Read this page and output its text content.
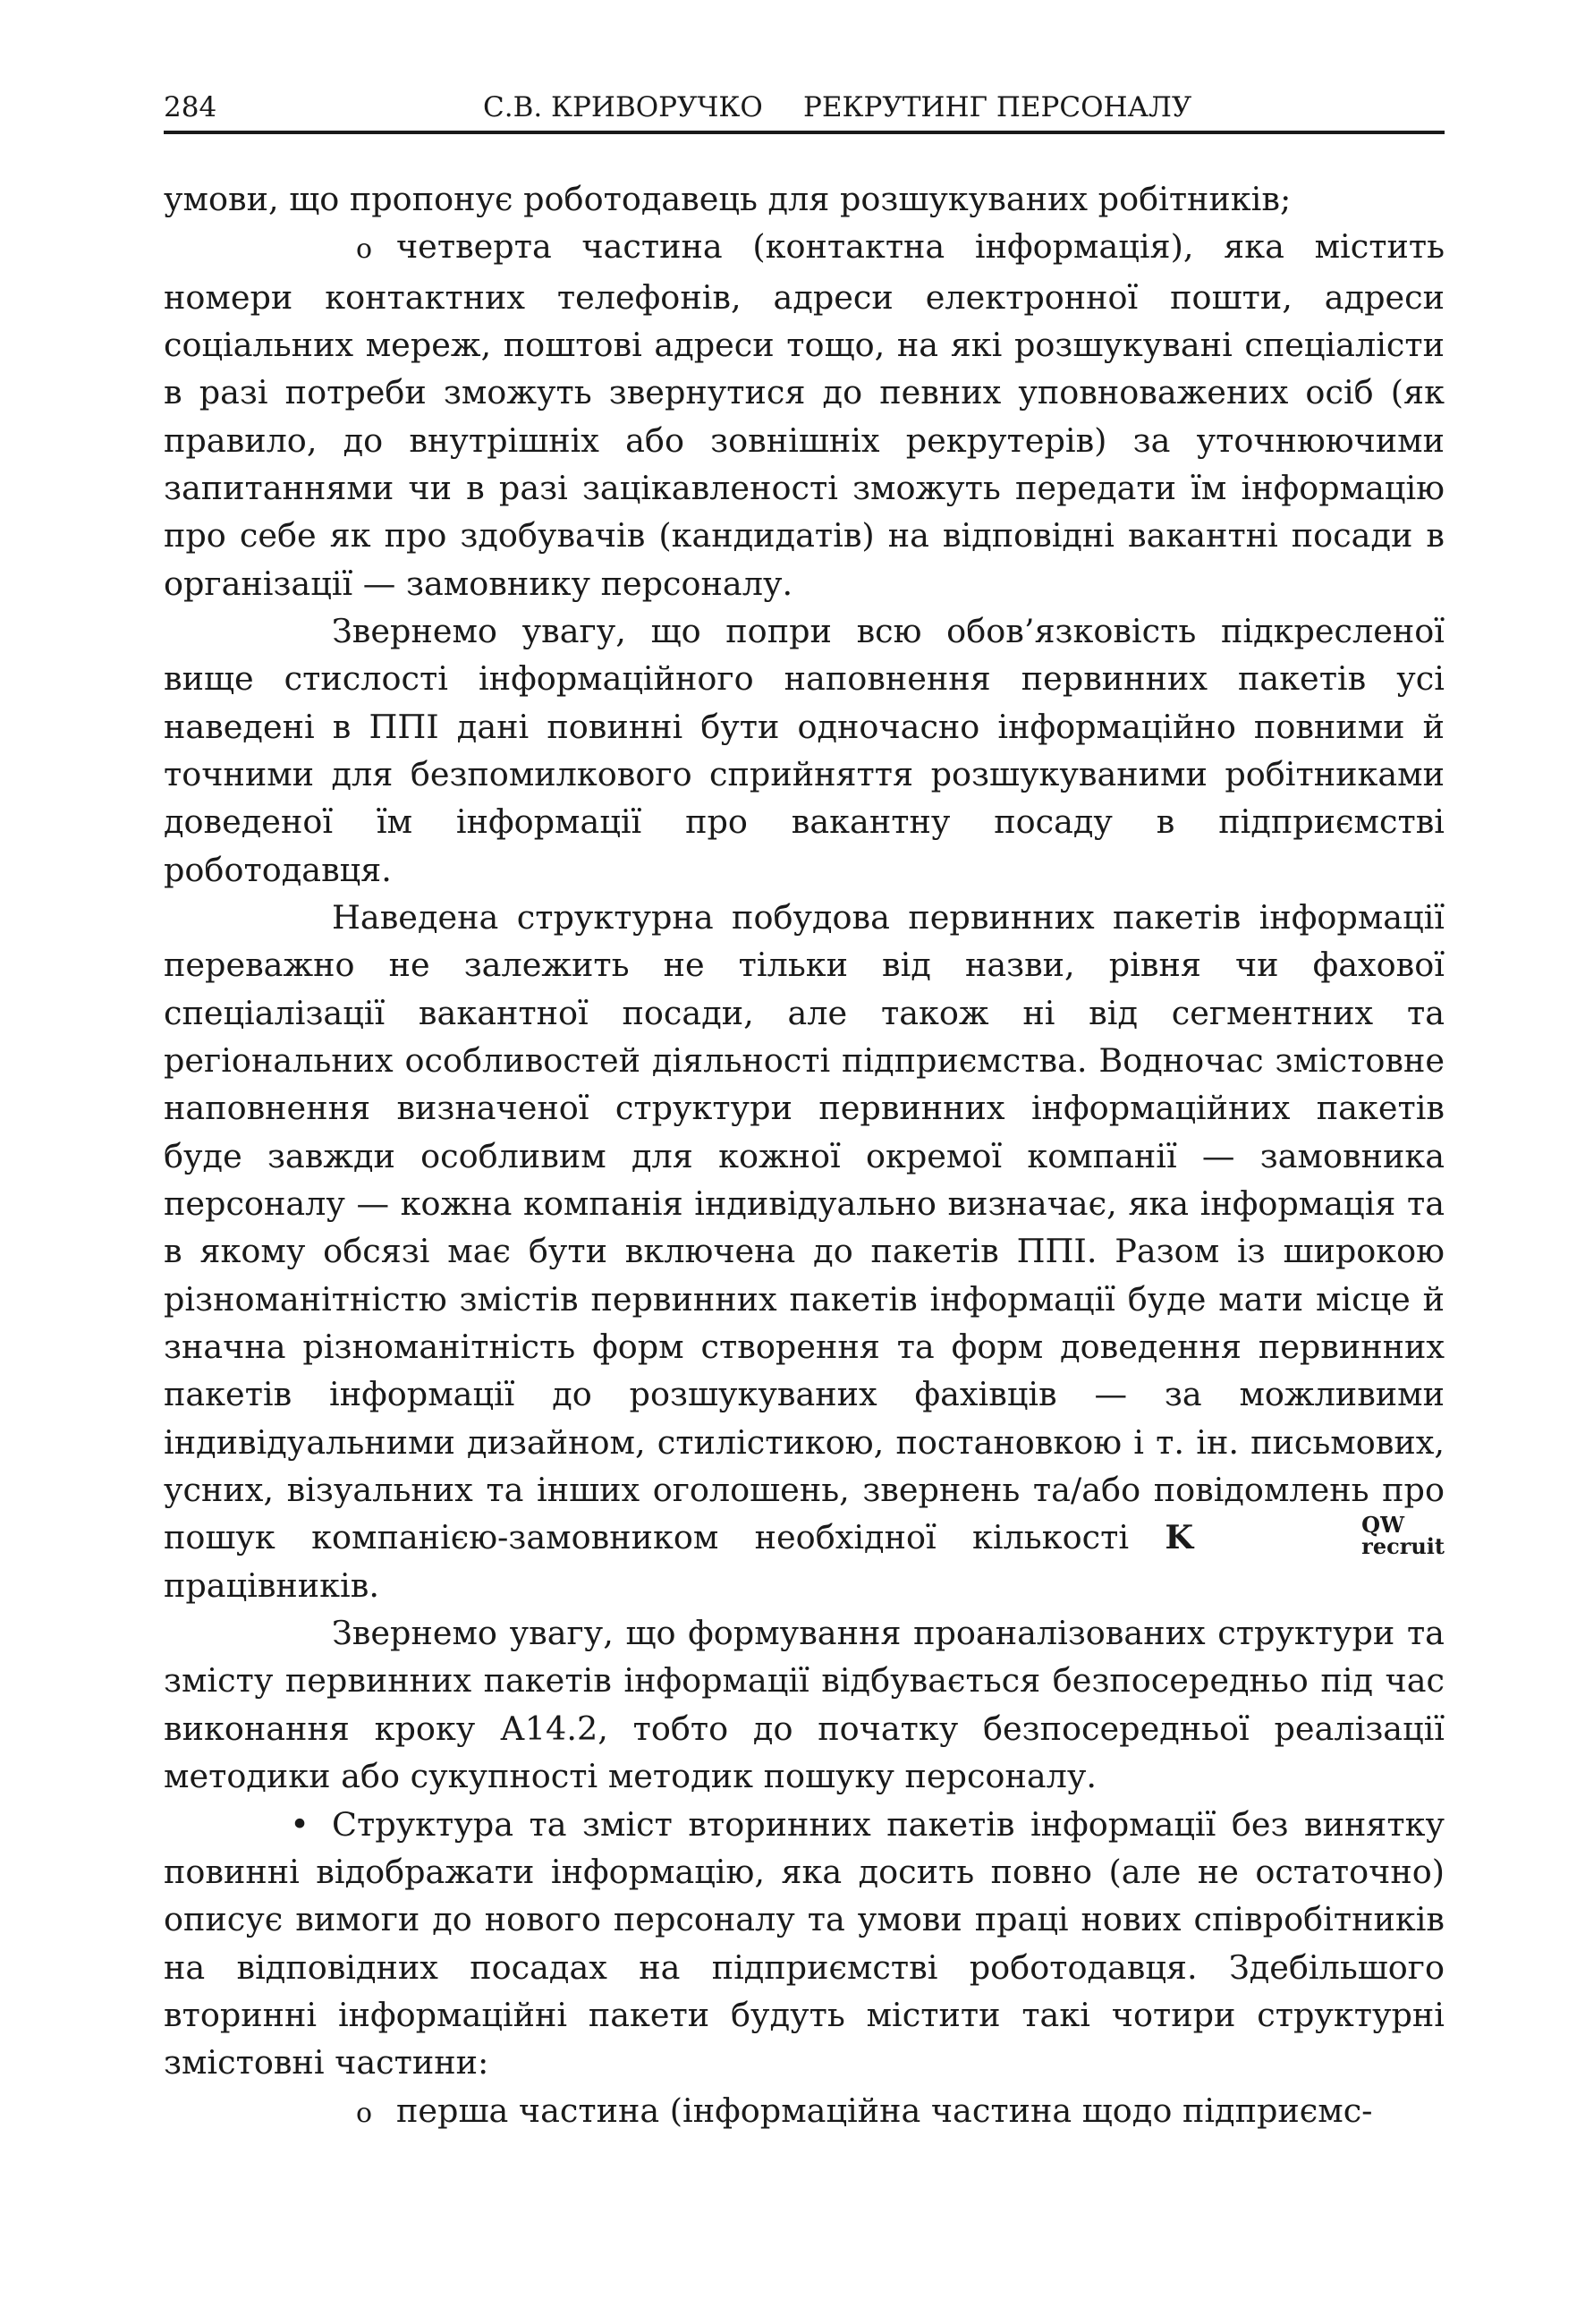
284	С.В. КРИВОРУЧКО РЕКРУТИНГ ПЕРСОНАЛУ

умови, що пропонує роботодавець для розшукуваних робітників;

o четверта частина (контактна інформація), яка містить номери контактних телефонів, адреси електронної пошти, адреси соціальних мереж, поштові адреси тощо, на які розшукувані спеціалісти в разі потреби зможуть звернутися до певних уповноважених осіб (як правило, до внутрішніх або зовнішніх рекрутерів) за уточнюючими запитаннями чи в разі зацікавленості зможуть передати їм інформацію про себе як про здобувачів (кандидатів) на відповідні вакантні посади в організації — замовнику персоналу.

Звернемо увагу, що попри всю обов’язковість підкресленої вище стислості інформаційного наповнення первинних пакетів усі наведені в ППІ дані повинні бути одночасно інформаційно повними й точними для безпомилкового сприйняття розшукуваними робітниками доведеної їм інформації про вакантну посаду в підприємстві роботодавця.

Наведена структурна побудова первинних пакетів інформації переважно не залежить не тільки від назви, рівня чи фахової спеціалізації вакантної посади, але також ні від сегментних та регіональних особливостей діяльності підприємства. Водночас змістовне наповнення визначеної структури первинних інформаційних пакетів буде завжди особливим для кожної окремої компанії — замовника персоналу — кожна компанія індивідуально визначає, яка інформація та в якому обсязі має бути включена до пакетів ППІ. Разом із широкою різноманітністю змістів первинних пакетів інформації буде мати місце й значна різноманітність форм створення та форм доведення первинних пакетів інформації до розшукуваних фахівців — за можливими індивідуальними дизайном, стилістикою, постановкою і т. ін. письмових, усних, візуальних та інших оголошень, звернень та/або повідомлень про пошук компанією-замовником необхідної кількості K	QW
recruit
працівників.

Звернемо увагу, що формування проаналізованих структури та змісту первинних пакетів інформації відбувається безпосередньо під час виконання кроку А14.2, тобто до початку безпосередньої реалізації методики або сукупності методик пошуку персоналу.

• Структура та зміст вторинних пакетів інформації без винятку повинні відображати інформацію, яка досить повно (але не остаточно) описує вимоги до нового персоналу та умови праці нових співробітників на відповідних посадах на підприємстві роботодавця. Здебільшого вторинні інформаційні пакети будуть містити такі чотири структурні змістовні частини:

o перша частина (інформаційна частина щодо підприємс-
